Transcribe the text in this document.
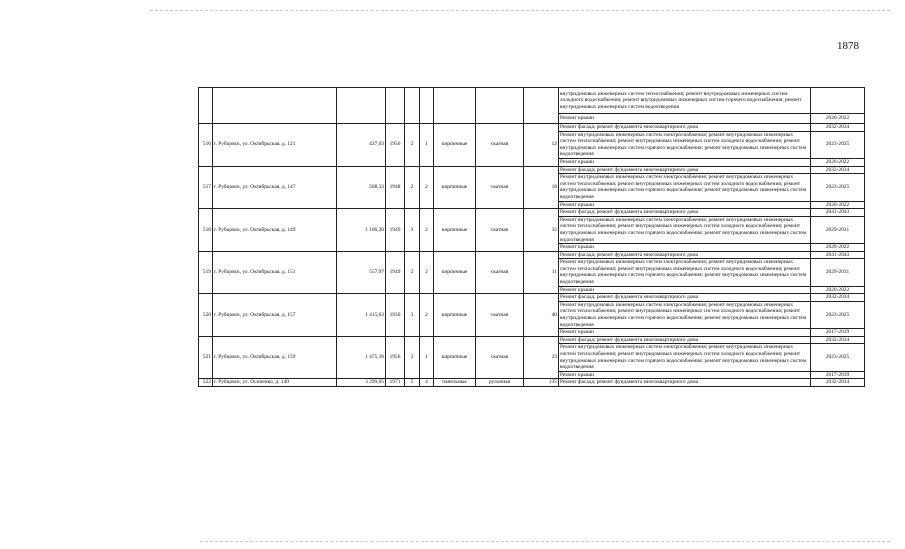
1878
									внутридомовых инженерных систем теплоснабжения; ремонт внутридомовых инженерных систем холодного водоснабжения; ремонт внутридомовых инженерных систем горячего водоснабжения; ремонт внутридомовых инженерных систем водоотведения	
									Ремонт крыши	2020-2022
516	г. Рубцовск, ул. Октябрьская, д. 121	427,03	1956	2	1	кирпичные	скатная	12	Ремонт фасада; ремонт фундамента многоквартирного дома	2032-2034
									Ремонт внутридомовых инженерных систем электроснабжения; ремонт внутридомовых инженерных систем теплоснабжения; ремонт внутридомовых инженерных систем холодного водоснабжения; ремонт внутридомовых инженерных систем горячего водоснабжения; ремонт внутридомовых инженерных систем водоотведения	2023-2025
									Ремонт крыши	2020-2022
517	г. Рубцовск, ул. Октябрьская, д. 147	568,33	1948	2	2	кирпичные	скатная	18	Ремонт фасада; ремонт фундамента многоквартирного дома	2032-2034
									Ремонт внутридомовых инженерных систем электроснабжения; ремонт внутридомовых инженерных систем теплоснабжения; ремонт внутридомовых инженерных систем холодного водоснабжения; ремонт внутридомовых инженерных систем горячего водоснабжения; ремонт внутридомовых инженерных систем водоотведения	2023-2025
									Ремонт крыши	2020-2022
518	г. Рубцовск, ул. Октябрьская, д. 149	1 106,20	1949	3	2	кирпичные	скатная	32	Ремонт фасада; ремонт фундамента многоквартирного дома	2041-2043
									Ремонт внутридомовых инженерных систем электроснабжения; ремонт внутридомовых инженерных систем теплоснабжения; ремонт внутридомовых инженерных систем холодного водоснабжения; ремонт внутридомовых инженерных систем горячего водоснабжения; ремонт внутридомовых инженерных систем водоотведения	2029-2031
									Ремонт крыши	2020-2022
519	г. Рубцовск, ул. Октябрьская, д. 151	557,97	1949	2	2	кирпичные	скатная	11	Ремонт фасада; ремонт фундамента многоквартирного дома	2041-2043
									Ремонт внутридомовых инженерных систем электроснабжения; ремонт внутридомовых инженерных систем теплоснабжения; ремонт внутридомовых инженерных систем холодного водоснабжения; ремонт внутридомовых инженерных систем горячего водоснабжения; ремонт внутридомовых инженерных систем водоотведения	2029-2031
									Ремонт крыши	2020-2022
520	г. Рубцовск, ул. Октябрьская, д. 157	1 415,63	1956	3	2	кирпичные	скатная	40	Ремонт фасада; ремонт фундамента многоквартирного дома	2032-2034
									Ремонт внутридомовых инженерных систем электроснабжения; ремонт внутридомовых инженерных систем теплоснабжения; ремонт внутридомовых инженерных систем холодного водоснабжения; ремонт внутридомовых инженерных систем горячего водоснабжения; ремонт внутридомовых инженерных систем водоотведения	2023-2025
									Ремонт крыши	2017-2019
521	г. Рубцовск, ул. Октябрьская, д. 159	1 475,16	1956	3	1	кирпичные	скатная	23	Ремонт фасада; ремонт фундамента многоквартирного дома	2032-2034
									Ремонт внутридомовых инженерных систем электроснабжения; ремонт внутридомовых инженерных систем теплоснабжения; ремонт внутридомовых инженерных систем холодного водоснабжения; ремонт внутридомовых инженерных систем горячего водоснабжения; ремонт внутридомовых инженерных систем водоотведения	2023-2025
									Ремонт крыши	2017-2019
522	г. Рубцовск, ул. Осипенко, д. 140	3 299,05	1971	5	4	панельные	рулонная	135	Ремонт фасада; ремонт фундамента многоквартирного дома	2032-2034
